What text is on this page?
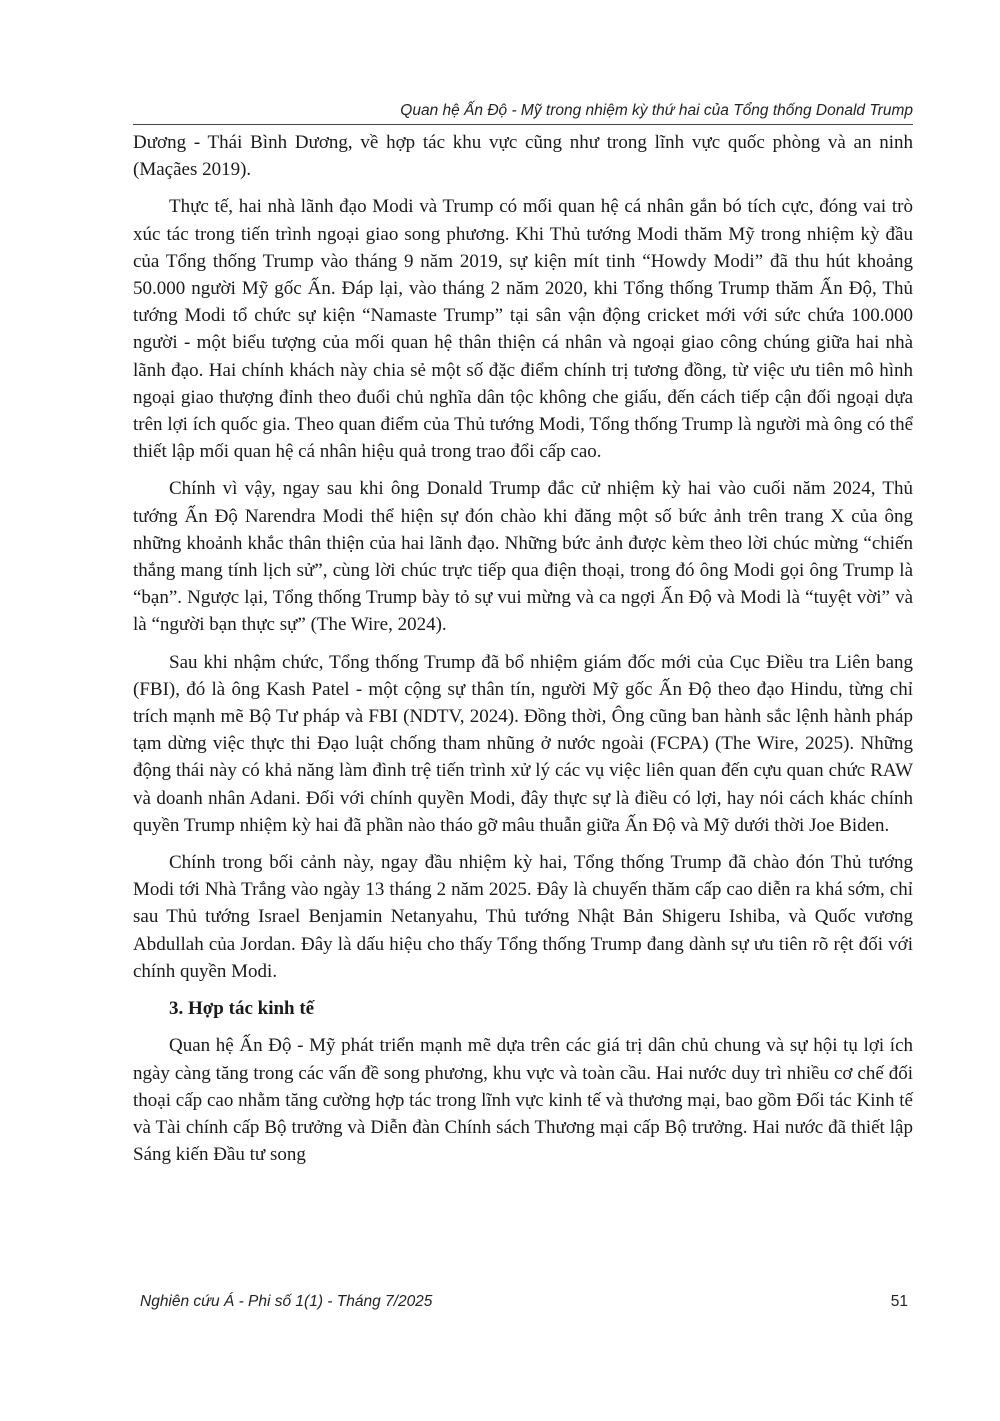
Quan hệ Ấn Độ - Mỹ trong nhiệm kỳ thứ hai của Tổng thống Donald Trump

Dương - Thái Bình Dương, về hợp tác khu vực cũng như trong lĩnh vực quốc phòng và an ninh (Maçães 2019).

Thực tế, hai nhà lãnh đạo Modi và Trump có mối quan hệ cá nhân gắn bó tích cực, đóng vai trò xúc tác trong tiến trình ngoại giao song phương. Khi Thủ tướng Modi thăm Mỹ trong nhiệm kỳ đầu của Tổng thống Trump vào tháng 9 năm 2019, sự kiện mít tinh “Howdy Modi” đã thu hút khoảng 50.000 người Mỹ gốc Ấn. Đáp lại, vào tháng 2 năm 2020, khi Tổng thống Trump thăm Ấn Độ, Thủ tướng Modi tổ chức sự kiện “Namaste Trump” tại sân vận động cricket mới với sức chứa 100.000 người - một biểu tượng của mối quan hệ thân thiện cá nhân và ngoại giao công chúng giữa hai nhà lãnh đạo. Hai chính khách này chia sẻ một số đặc điểm chính trị tương đồng, từ việc ưu tiên mô hình ngoại giao thượng đỉnh theo đuổi chủ nghĩa dân tộc không che giấu, đến cách tiếp cận đối ngoại dựa trên lợi ích quốc gia. Theo quan điểm của Thủ tướng Modi, Tổng thống Trump là người mà ông có thể thiết lập mối quan hệ cá nhân hiệu quả trong trao đổi cấp cao.

Chính vì vậy, ngay sau khi ông Donald Trump đắc cử nhiệm kỳ hai vào cuối năm 2024, Thủ tướng Ấn Độ Narendra Modi thể hiện sự đón chào khi đăng một số bức ảnh trên trang X của ông những khoảnh khắc thân thiện của hai lãnh đạo. Những bức ảnh được kèm theo lời chúc mừng “chiến thắng mang tính lịch sử”, cùng lời chúc trực tiếp qua điện thoại, trong đó ông Modi gọi ông Trump là “bạn”. Ngược lại, Tổng thống Trump bày tỏ sự vui mừng và ca ngợi Ấn Độ và Modi là “tuyệt vời” và là “người bạn thực sự” (The Wire, 2024).

Sau khi nhậm chức, Tổng thống Trump đã bổ nhiệm giám đốc mới của Cục Điều tra Liên bang (FBI), đó là ông Kash Patel - một cộng sự thân tín, người Mỹ gốc Ấn Độ theo đạo Hindu, từng chỉ trích mạnh mẽ Bộ Tư pháp và FBI (NDTV, 2024). Đồng thời, Ông cũng ban hành sắc lệnh hành pháp tạm dừng việc thực thi Đạo luật chống tham nhũng ở nước ngoài (FCPA) (The Wire, 2025). Những động thái này có khả năng làm đình trệ tiến trình xử lý các vụ việc liên quan đến cựu quan chức RAW và doanh nhân Adani. Đối với chính quyền Modi, đây thực sự là điều có lợi, hay nói cách khác chính quyền Trump nhiệm kỳ hai đã phần nào tháo gỡ mâu thuẫn giữa Ấn Độ và Mỹ dưới thời Joe Biden.

Chính trong bối cảnh này, ngay đầu nhiệm kỳ hai, Tổng thống Trump đã chào đón Thủ tướng Modi tới Nhà Trắng vào ngày 13 tháng 2 năm 2025. Đây là chuyến thăm cấp cao diễn ra khá sớm, chỉ sau Thủ tướng Israel Benjamin Netanyahu, Thủ tướng Nhật Bản Shigeru Ishiba, và Quốc vương Abdullah của Jordan. Đây là dấu hiệu cho thấy Tổng thống Trump đang dành sự ưu tiên rõ rệt đối với chính quyền Modi.

3. Hợp tác kinh tế

Quan hệ Ấn Độ - Mỹ phát triển mạnh mẽ dựa trên các giá trị dân chủ chung và sự hội tụ lợi ích ngày càng tăng trong các vấn đề song phương, khu vực và toàn cầu. Hai nước duy trì nhiều cơ chế đối thoại cấp cao nhằm tăng cường hợp tác trong lĩnh vực kinh tế và thương mại, bao gồm Đối tác Kinh tế và Tài chính cấp Bộ trưởng và Diễn đàn Chính sách Thương mại cấp Bộ trưởng. Hai nước đã thiết lập Sáng kiến Đầu tư song

Nghiên cứu Á - Phi số 1(1) - Tháng 7/2025	51
